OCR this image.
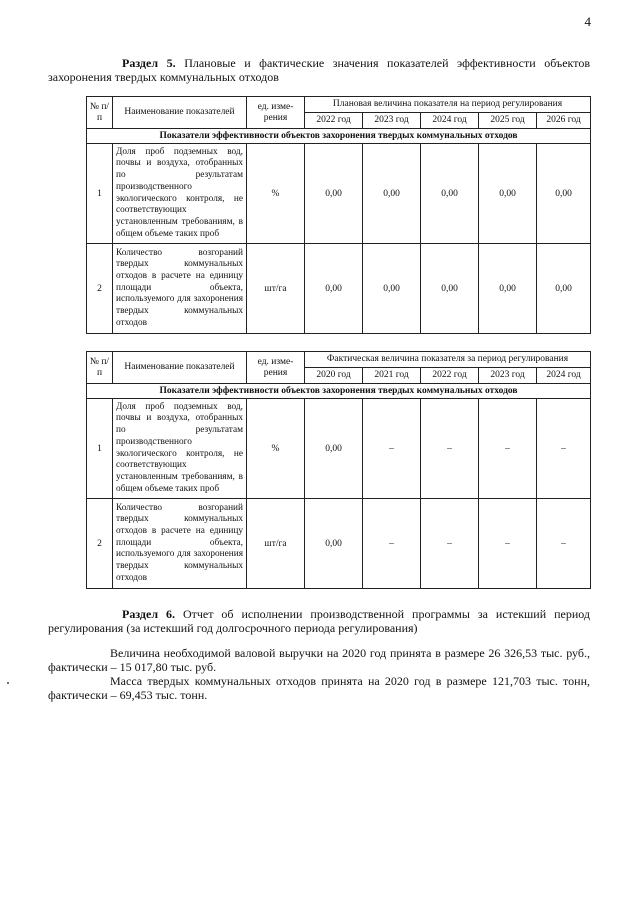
4
Раздел 5. Плановые и фактические значения показателей эффективности объектов захоронения твердых коммунальных отходов
№ п/п	Наименование показателей	ед. изме-рения	Плановая величина показателя на период регулирования				
			2022 год	2023 год	2024 год	2025 год	2026 год
Показатели эффективности объектов захоронения твердых коммунальных отходов							
1	Доля проб подземных вод, почвы и воздуха, отобранных по результатам производственного экологического контроля, не соответствующих установленным требованиям, в общем объеме таких проб	%	0,00	0,00	0,00	0,00	0,00
2	Количество возгораний твердых коммунальных отходов в расчете на единицу площади объекта, используемого для захоронения твердых коммунальных отходов	шт/га	0,00	0,00	0,00	0,00	0,00
№ п/п	Наименование показателей	ед. изме-рения	Фактическая величина показателя за период регулирования				
			2020 год	2021 год	2022 год	2023 год	2024 год
Показатели эффективности объектов захоронения твердых коммунальных отходов							
1	Доля проб подземных вод, почвы и воздуха, отобранных по результатам производственного экологического контроля, не соответствующих установленным требованиям, в общем объеме таких проб	%	0,00	–	–	–	–
2	Количество возгораний твердых коммунальных отходов в расчете на единицу площади объекта, используемого для захоронения твердых коммунальных отходов	шт/га	0,00	–	–	–	–
Раздел 6. Отчет об исполнении производственной программы за истекший период регулирования (за истекший год долгосрочного периода регулирования)
Величина необходимой валовой выручки на 2020 год принята в размере 26 326,53 тыс. руб., фактически – 15 017,80 тыс. руб.
Масса твердых коммунальных отходов принята на 2020 год в размере 121,703 тыс. тонн, фактически – 69,453 тыс. тонн.
